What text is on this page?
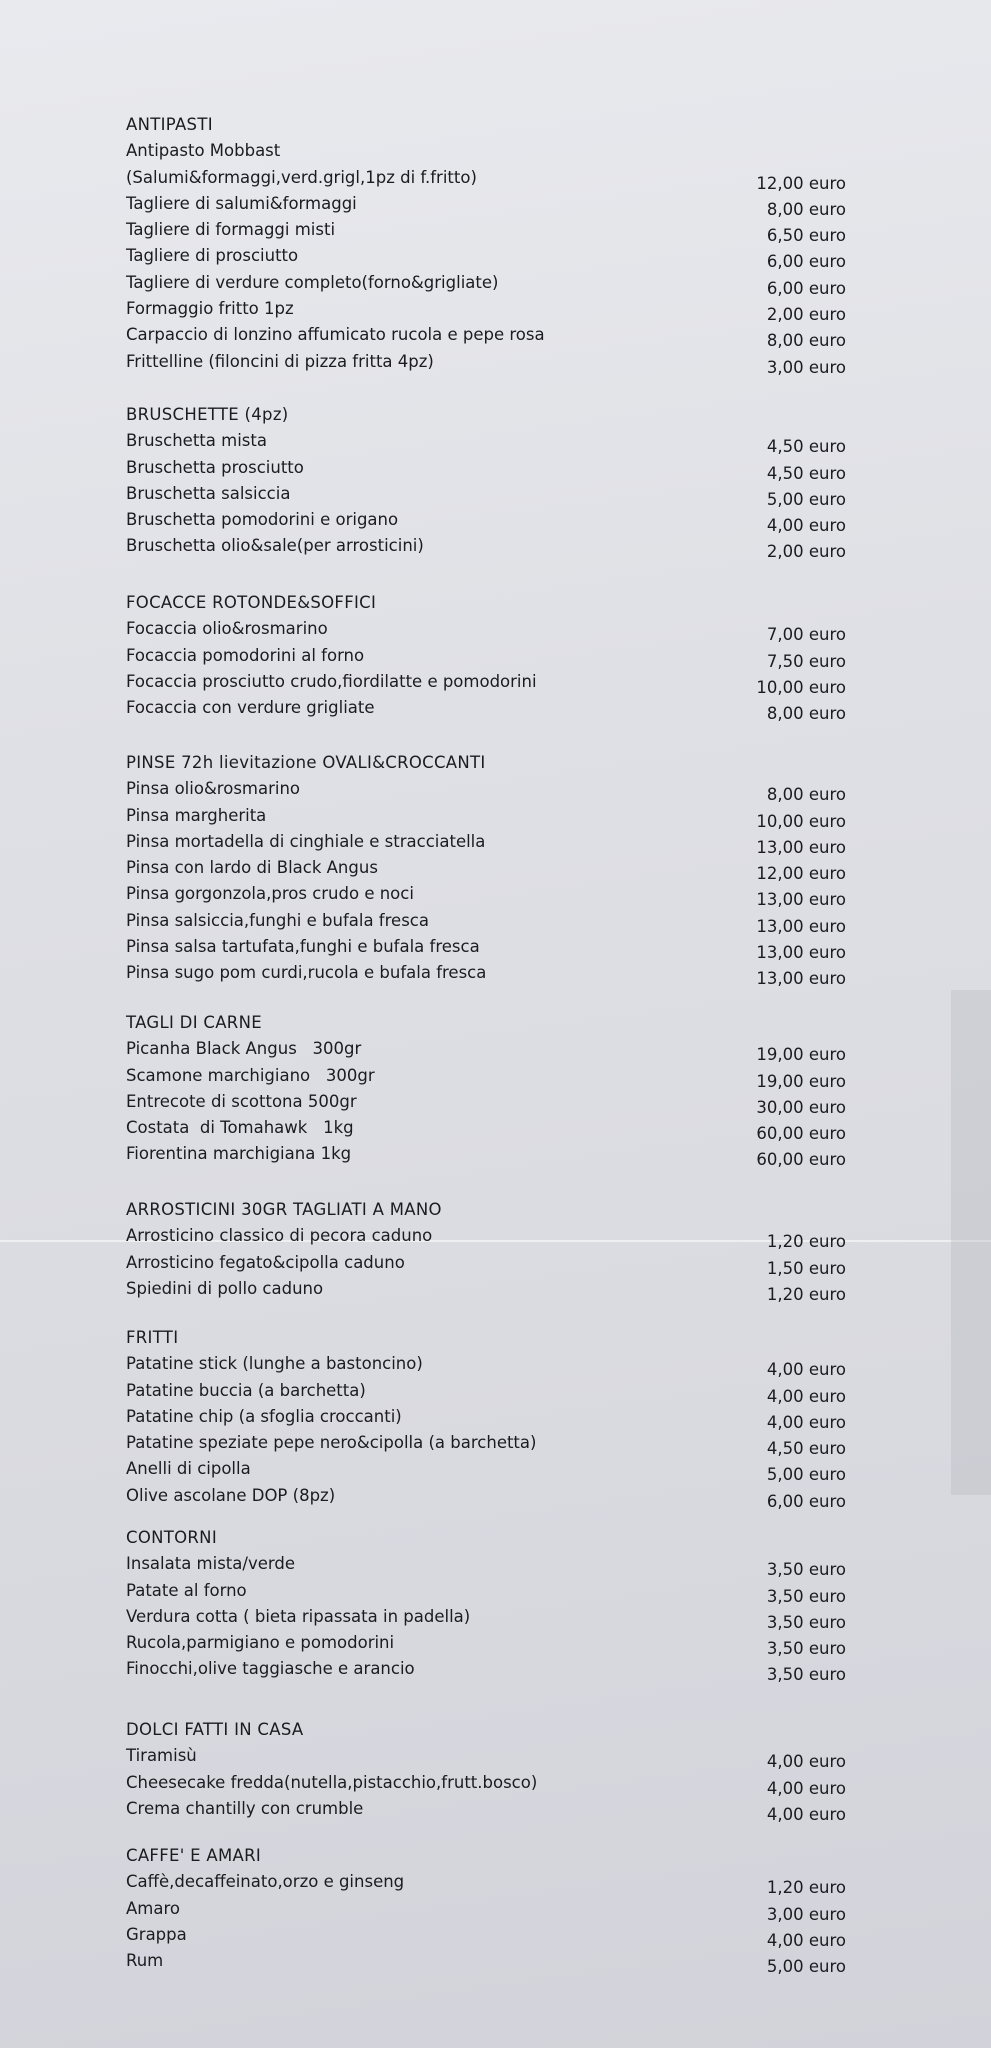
ANTIPASTI
Antipasto Mobbast
(Salumi&formaggi,verd.grigl,1pz di f.fritto)	12,00 euro
Tagliere di salumi&formaggi	8,00 euro
Tagliere di formaggi misti	6,50 euro
Tagliere di prosciutto	6,00 euro
Tagliere di verdure completo(forno&grigliate)	6,00 euro
Formaggio fritto 1pz	2,00 euro
Carpaccio di lonzino affumicato rucola e pepe rosa	8,00 euro
Frittelline (filoncini di pizza fritta 4pz)	3,00 euro
BRUSCHETTE (4pz)
Bruschetta mista	4,50 euro
Bruschetta prosciutto	4,50 euro
Bruschetta salsiccia	5,00 euro
Bruschetta pomodorini e origano	4,00 euro
Bruschetta olio&sale(per arrosticini)	2,00 euro
FOCACCE ROTONDE&SOFFICI
Focaccia olio&rosmarino	7,00 euro
Focaccia pomodorini al forno	7,50 euro
Focaccia prosciutto crudo,fiordilatte e pomodorini	10,00 euro
Focaccia con verdure grigliate	8,00 euro
PINSE 72h lievitazione OVALI&CROCCANTI
Pinsa olio&rosmarino	8,00 euro
Pinsa margherita	10,00 euro
Pinsa mortadella di cinghiale e stracciatella	13,00 euro
Pinsa con lardo di Black Angus	12,00 euro
Pinsa gorgonzola,pros crudo e noci	13,00 euro
Pinsa salsiccia,funghi e bufala fresca	13,00 euro
Pinsa salsa tartufata,funghi e bufala fresca	13,00 euro
Pinsa sugo pom curdi,rucola e bufala fresca	13,00 euro
TAGLI DI CARNE
Picanha Black Angus   300gr	19,00 euro
Scamone marchigiano   300gr	19,00 euro
Entrecote di scottona 500gr	30,00 euro
Costata  di Tomahawk   1kg	60,00 euro
Fiorentina marchigiana 1kg	60,00 euro
ARROSTICINI 30GR TAGLIATI A MANO
Arrosticino classico di pecora caduno	1,20 euro
Arrosticino fegato&cipolla caduno	1,50 euro
Spiedini di pollo caduno	1,20 euro
FRITTI
Patatine stick (lunghe a bastoncino)	4,00 euro
Patatine buccia (a barchetta)	4,00 euro
Patatine chip (a sfoglia croccanti)	4,00 euro
Patatine speziate pepe nero&cipolla (a barchetta)	4,50 euro
Anelli di cipolla	5,00 euro
Olive ascolane DOP (8pz)	6,00 euro
CONTORNI
Insalata mista/verde	3,50 euro
Patate al forno	3,50 euro
Verdura cotta ( bieta ripassata in padella)	3,50 euro
Rucola,parmigiano e pomodorini	3,50 euro
Finocchi,olive taggiasche e arancio	3,50 euro
DOLCI FATTI IN CASA
Tiramisù	4,00 euro
Cheesecake fredda(nutella,pistacchio,frutt.bosco)	4,00 euro
Crema chantilly con crumble	4,00 euro
CAFFE' E AMARI
Caffè,decaffeinato,orzo e ginseng	1,20 euro
Amaro	3,00 euro
Grappa	4,00 euro
Rum	5,00 euro
